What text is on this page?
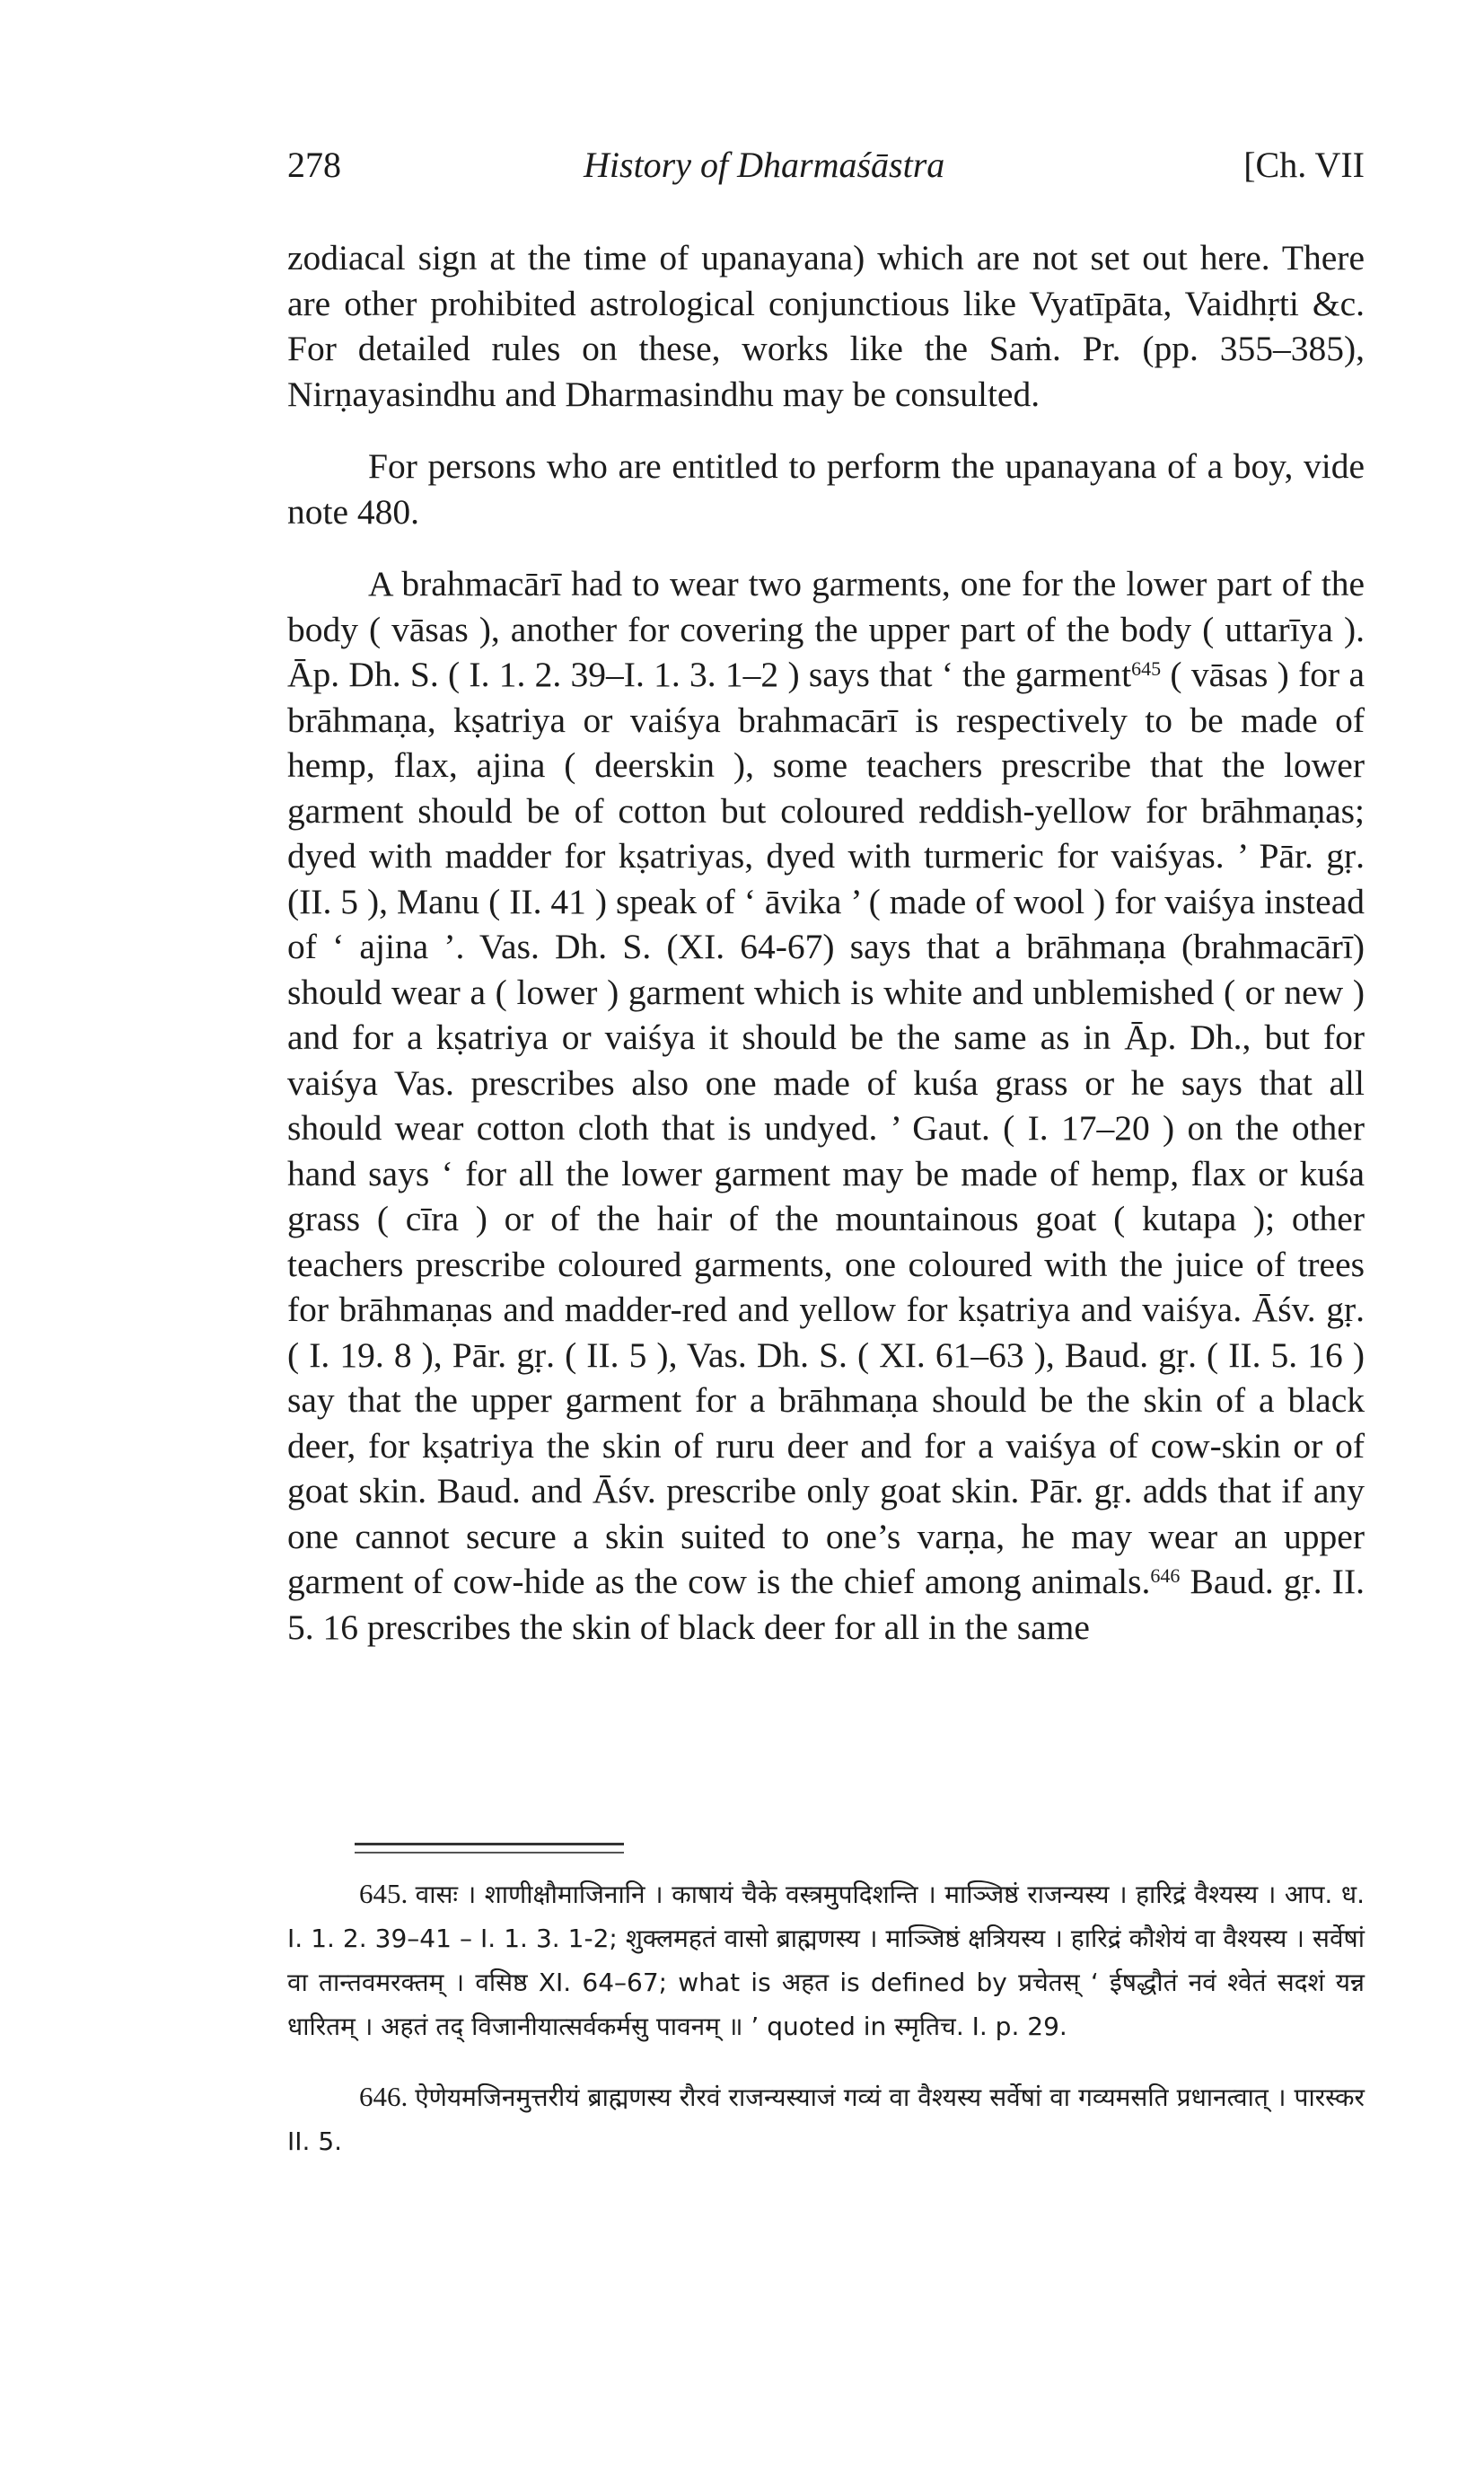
278	History of Dharmaśāstra	[Ch. VII

zodiacal sign at the time of upanayana) which are not set out here. There are other prohibited astrological conjunctious like Vyatīpāta, Vaidhṛti &c. For detailed rules on these, works like the Saṁ. Pr. (pp. 355–385), Nirṇayasindhu and Dharmasindhu may be consulted.

For persons who are entitled to perform the upanayana of a boy, vide note 480.

A brahmacārī had to wear two garments, one for the lower part of the body ( vāsas ), another for covering the upper part of the body ( uttarīya ). Āp. Dh. S. ( I. 1. 2. 39–I. 1. 3. 1–2 ) says that ‘ the garment$^{645}$ ( vāsas ) for a brāhmaṇa, kṣatriya or vaiśya brahmacārī is respectively to be made of hemp, flax, ajina ( deerskin ), some teachers prescribe that the lower garment should be of cotton but coloured reddish-yellow for brāhmaṇas; dyed with madder for kṣatriyas, dyed with turmeric for vaiśyas. ’ Pār. gṛ. (II. 5 ), Manu ( II. 41 ) speak of ‘ āvika ’ ( made of wool ) for vaiśya instead of ‘ ajina ’. Vas. Dh. S. (XI. 64-67) says that a brāhmaṇa (brahmacārī) should wear a ( lower ) garment which is white and unblemished ( or new ) and for a kṣatriya or vaiśya it should be the same as in Āp. Dh., but for vaiśya Vas. prescribes also one made of kuśa grass or he says that all should wear cotton cloth that is undyed. ’ Gaut. ( I. 17–20 ) on the other hand says ‘ for all the lower garment may be made of hemp, flax or kuśa grass ( cīra ) or of the hair of the mountainous goat ( kutapa ); other teachers prescribe coloured garments, one coloured with the juice of trees for brāhmaṇas and madder-red and yellow for kṣatriya and vaiśya. Āśv. gṛ. ( I. 19. 8 ), Pār. gṛ. ( II. 5 ), Vas. Dh. S. ( XI. 61–63 ), Baud. gṛ. ( II. 5. 16 ) say that the upper garment for a brāhmaṇa should be the skin of a black deer, for kṣatriya the skin of ruru deer and for a vaiśya of cow-skin or of goat skin. Baud. and Āśv. prescribe only goat skin. Pār. gṛ. adds that if any one cannot secure a skin suited to one’s varṇa, he may wear an upper garment of cow-hide as the cow is the chief among animals.$^{646}$ Baud. gṛ. II. 5. 16 prescribes the skin of black deer for all in the same

645. वासः । शाणीक्षौमाजिनानि । काषायं चैके वस्त्रमुपदिशन्ति । माञ्जिष्ठं राजन्यस्य । हारिद्रं वैश्यस्य । आप. ध. I. 1. 2. 39–41 – I. 1. 3. 1-2; शुक्लमहतं वासो ब्राह्मणस्य । माञ्जिष्ठं क्षत्रियस्य । हारिद्रं कौशेयं वा वैश्यस्य । सर्वेषां वा तान्तवमरक्तम् । वसिष्ठ XI. 64–67; what is अहत is defined by प्रचेतस् ‘ ईषद्धौतं नवं श्वेतं सदशं यन्न धारितम् । अहतं तद् विजानीयात्सर्वकर्मसु पावनम् ॥ ’ quoted in स्मृतिच. I. p. 29.

646. ऐणेयमजिनमुत्तरीयं ब्राह्मणस्य रौरवं राजन्यस्याजं गव्यं वा वैश्यस्य सर्वेषां वा गव्यमसति प्रधानत्वात् । पारस्कर II. 5.
